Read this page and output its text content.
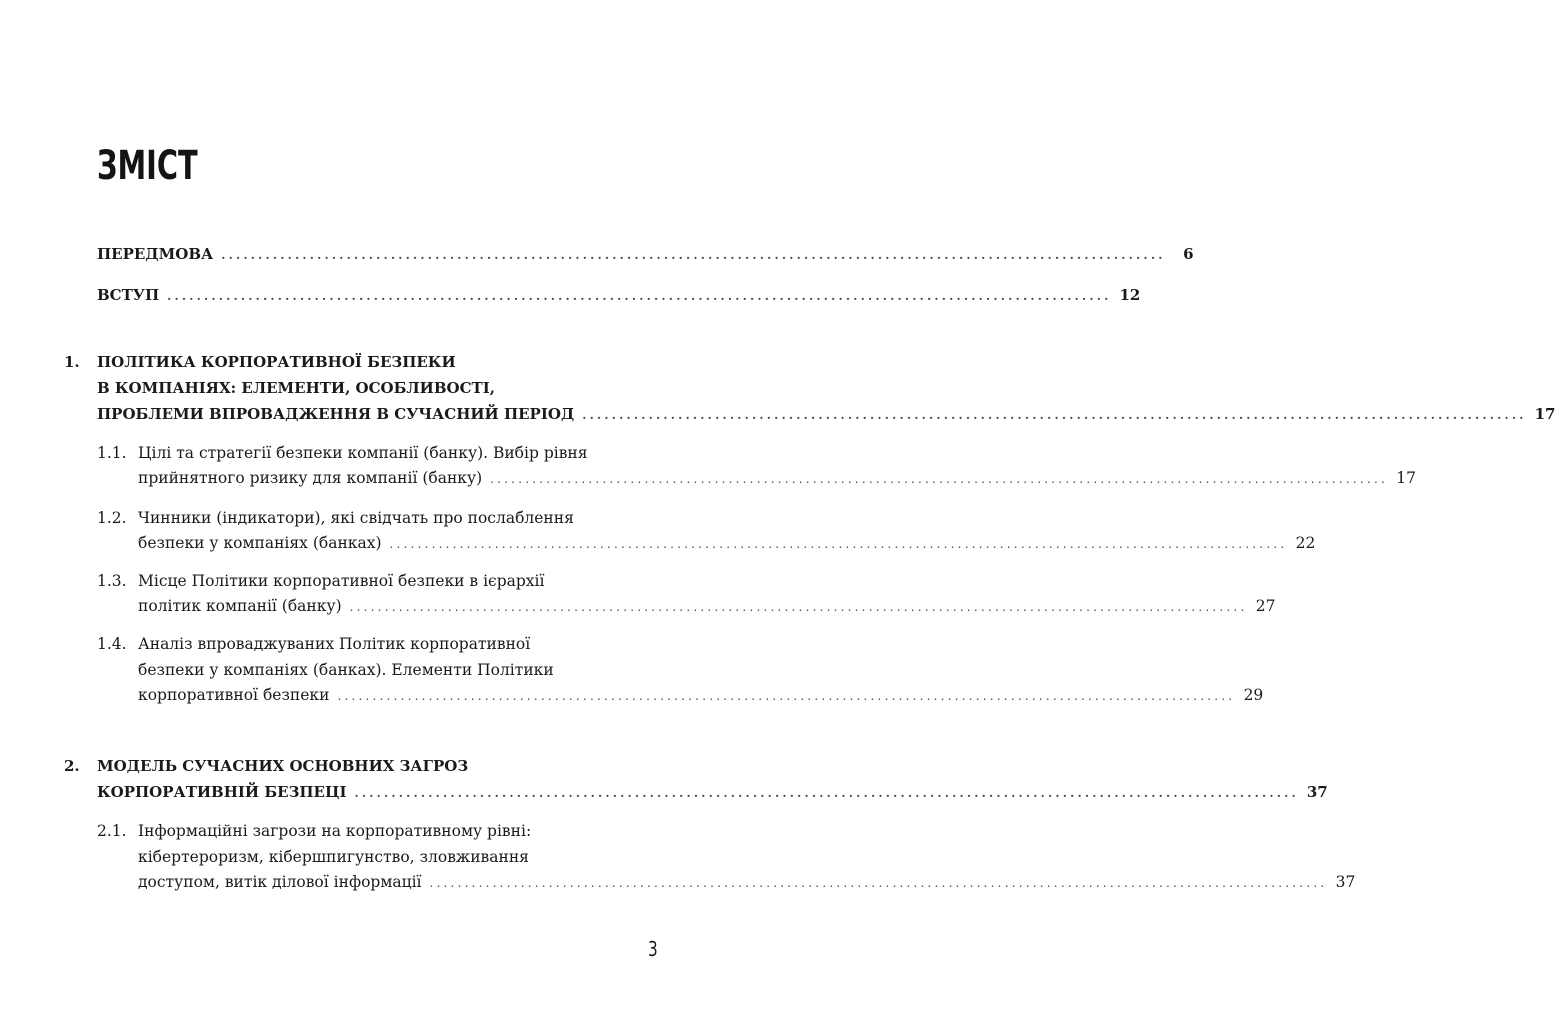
ЗМІСТ
ПЕРЕДМОВА ................................................................................................................................	6
ВСТУП ................................................................................................................................ 12
1. ПОЛІТИКА КОРПОРАТИВНОЇ БЕЗПЕКИ
В КОМПАНІЯХ: ЕЛЕМЕНТИ, ОСОБЛИВОСТІ,
ПРОБЛЕМИ ВПРОВАДЖЕННЯ В СУЧАСНИЙ ПЕРІОД ................................................................................................................................ 17
1.1. Цілі та стратегії безпеки компанії (банку). Вибір рівня
прийнятного ризику для компанії (банку) ................................................................................................................................ 17
1.2. Чинники (індикатори), які свідчать про послаблення
безпеки у компаніях (банках) ................................................................................................................................ 22
1.3. Місце Політики корпоративної безпеки в ієрархії
політик компанії (банку) ................................................................................................................................ 27
1.4. Аналіз впроваджуваних Політик корпоративної
безпеки у компаніях (банках). Елементи Політики
корпоративної безпеки ................................................................................................................................ 29
2. МОДЕЛЬ СУЧАСНИХ ОСНОВНИХ ЗАГРОЗ
КОРПОРАТИВНІЙ БЕЗПЕЦІ ................................................................................................................................ 37
2.1. Інформаційні загрози на корпоративному рівні:
кібертероризм, кібершпигунство, зловживання
доступом, витік ділової інформації ................................................................................................................................ 37
3
